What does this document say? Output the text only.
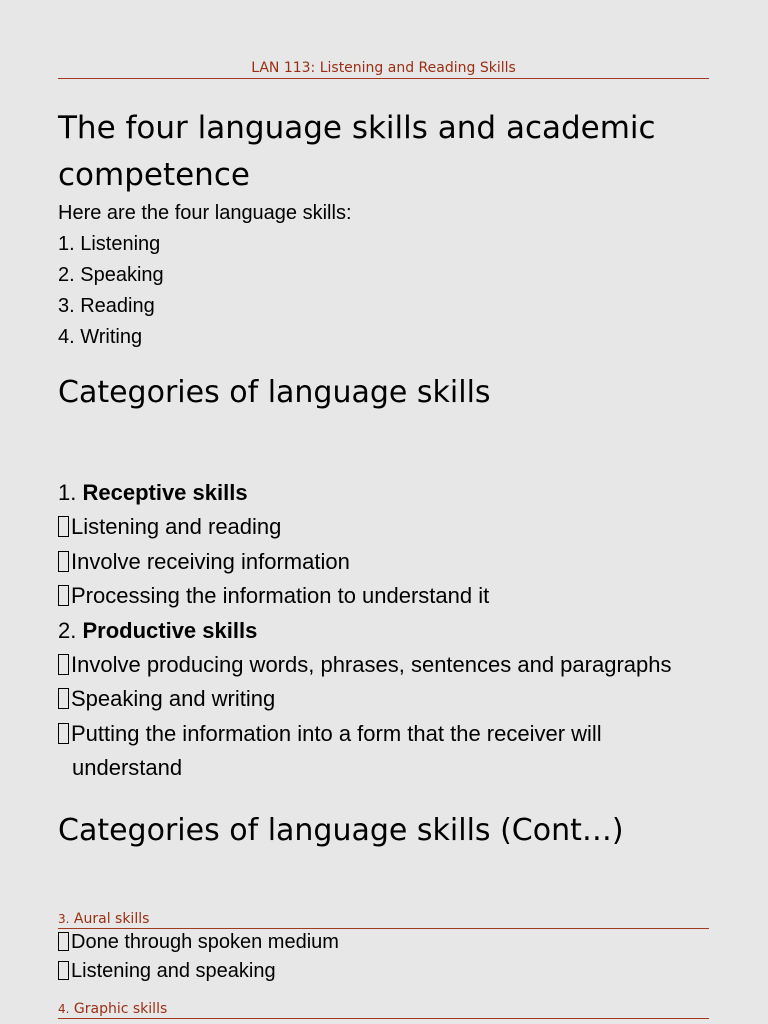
LAN 113: Listening and Reading Skills
The four language skills and academic competence
Here are the four language skills:
1. Listening
2. Speaking
3. Reading
4. Writing
Categories of language skills
1. Receptive skills
Listening and reading
Involve receiving information
Processing the information to understand it
2. Productive skills
Involve producing words, phrases, sentences and paragraphs
Speaking and writing
Putting the information into a form that the receiver will
understand
Categories of language skills (Cont…)
3. Aural skills
Done through spoken medium
Listening and speaking
4. Graphic skills
